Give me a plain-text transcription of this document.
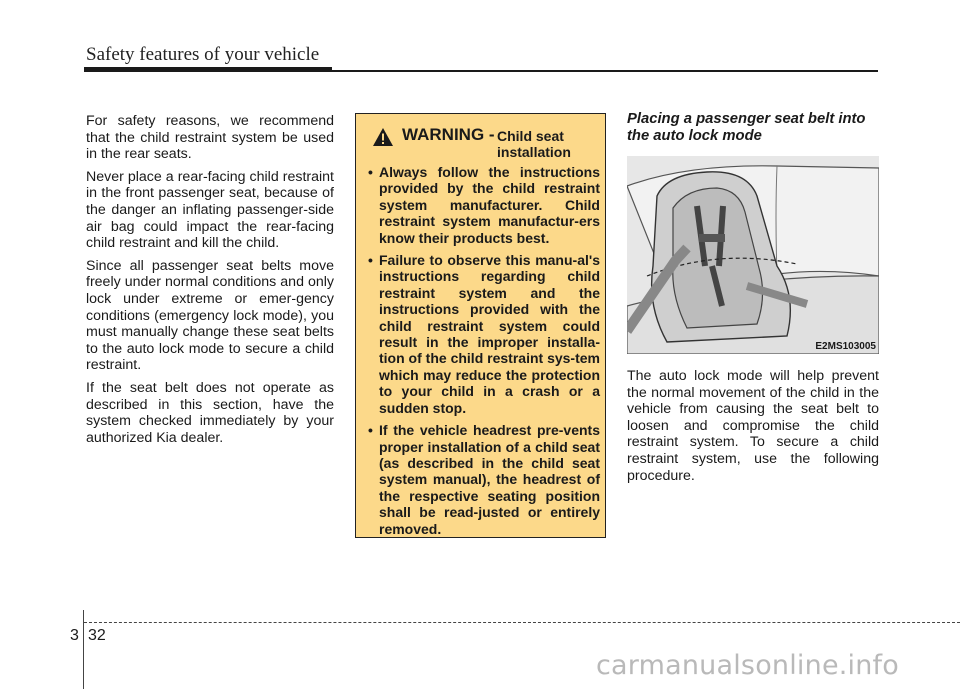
Safety features of your vehicle

For safety reasons, we recommend that the child restraint system be used in the rear seats.

Never place a rear-facing child restraint in the front passenger seat, because of the danger an inflating passenger-side air bag could impact the rear-facing child restraint and kill the child.

Since all passenger seat belts move freely under normal conditions and only lock under extreme or emer-gency conditions (emergency lock mode), you must manually change these seat belts to the auto lock mode to secure a child restraint.

If the seat belt does not operate as described in this section, have the system checked immediately by your authorized Kia dealer.

WARNING - Child seat installation
• Always follow the instructions provided by the child restraint system manufacturer. Child restraint system manufactur-ers know their products best.
• Failure to observe this manu-al's instructions regarding child restraint system and the instructions provided with the child restraint system could result in the improper installa-tion of the child restraint sys-tem which may reduce the protection to your child in a crash or a sudden stop.
• If the vehicle headrest pre-vents proper installation of a child seat (as described in the child seat system manual), the headrest of the respective seating position shall be read-justed or entirely removed.
Placing a passenger seat belt into the auto lock mode
E2MS103005

The auto lock mode will help prevent the normal movement of the child in the vehicle from causing the seat belt to loosen and compromise the child restraint system. To secure a child restraint system, use the following procedure.

3 32
carmanualsonline.info
